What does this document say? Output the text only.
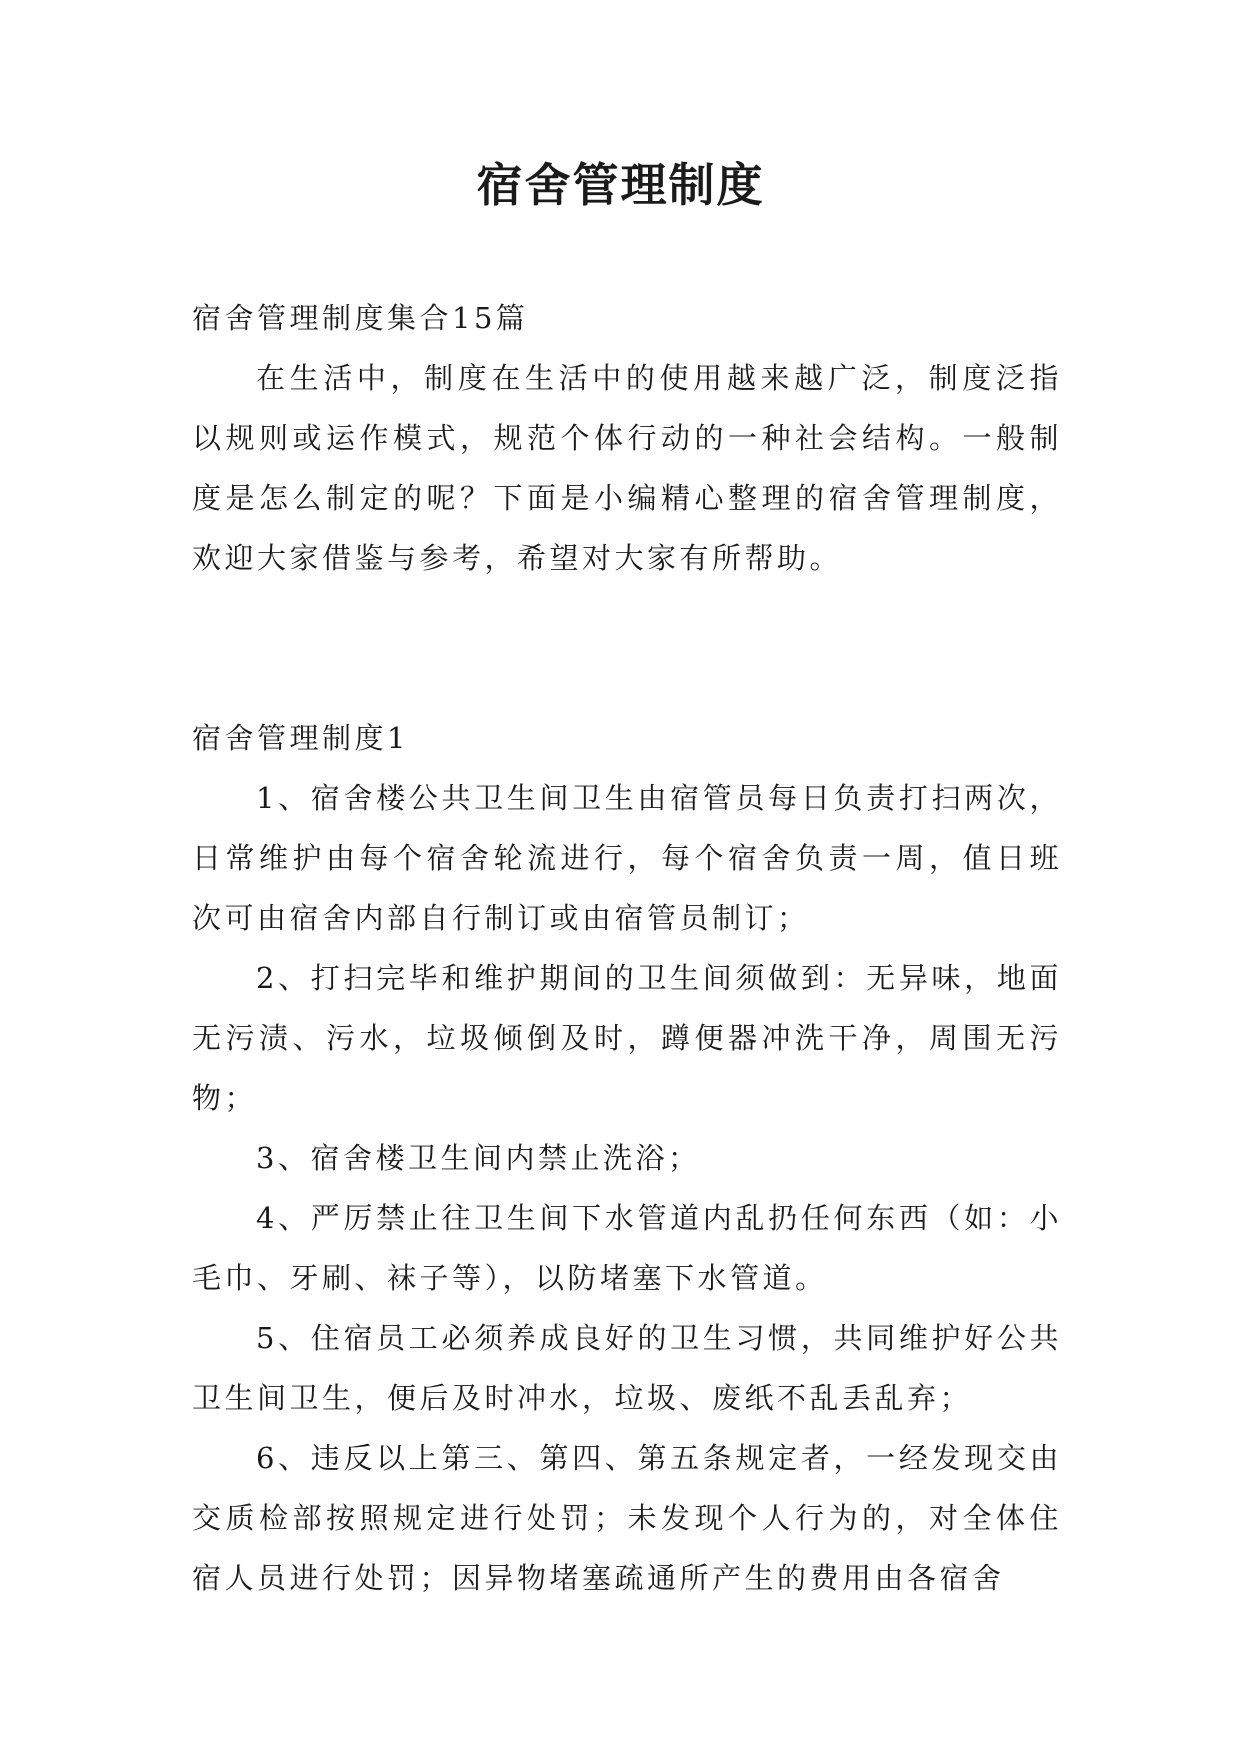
宿舍管理制度

宿舍管理制度集合15篇

在生活中，制度在生活中的使用越来越广泛，制度泛指以规则或运作模式，规范个体行动的一种社会结构。一般制度是怎么制定的呢？下面是小编精心整理的宿舍管理制度，欢迎大家借鉴与参考，希望对大家有所帮助。

宿舍管理制度1

1、宿舍楼公共卫生间卫生由宿管员每日负责打扫两次，日常维护由每个宿舍轮流进行，每个宿舍负责一周，值日班次可由宿舍内部自行制订或由宿管员制订；

2、打扫完毕和维护期间的卫生间须做到：无异味，地面无污渍、污水，垃圾倾倒及时，蹲便器冲洗干净，周围无污物；

3、宿舍楼卫生间内禁止洗浴；

4、严厉禁止往卫生间下水管道内乱扔任何东西（如：小毛巾、牙刷、袜子等），以防堵塞下水管道。

5、住宿员工必须养成良好的卫生习惯，共同维护好公共卫生间卫生，便后及时冲水，垃圾、废纸不乱丢乱弃；

6、违反以上第三、第四、第五条规定者，一经发现交由交质检部按照规定进行处罚；未发现个人行为的，对全体住宿人员进行处罚；因异物堵塞疏通所产生的费用由各宿舍
